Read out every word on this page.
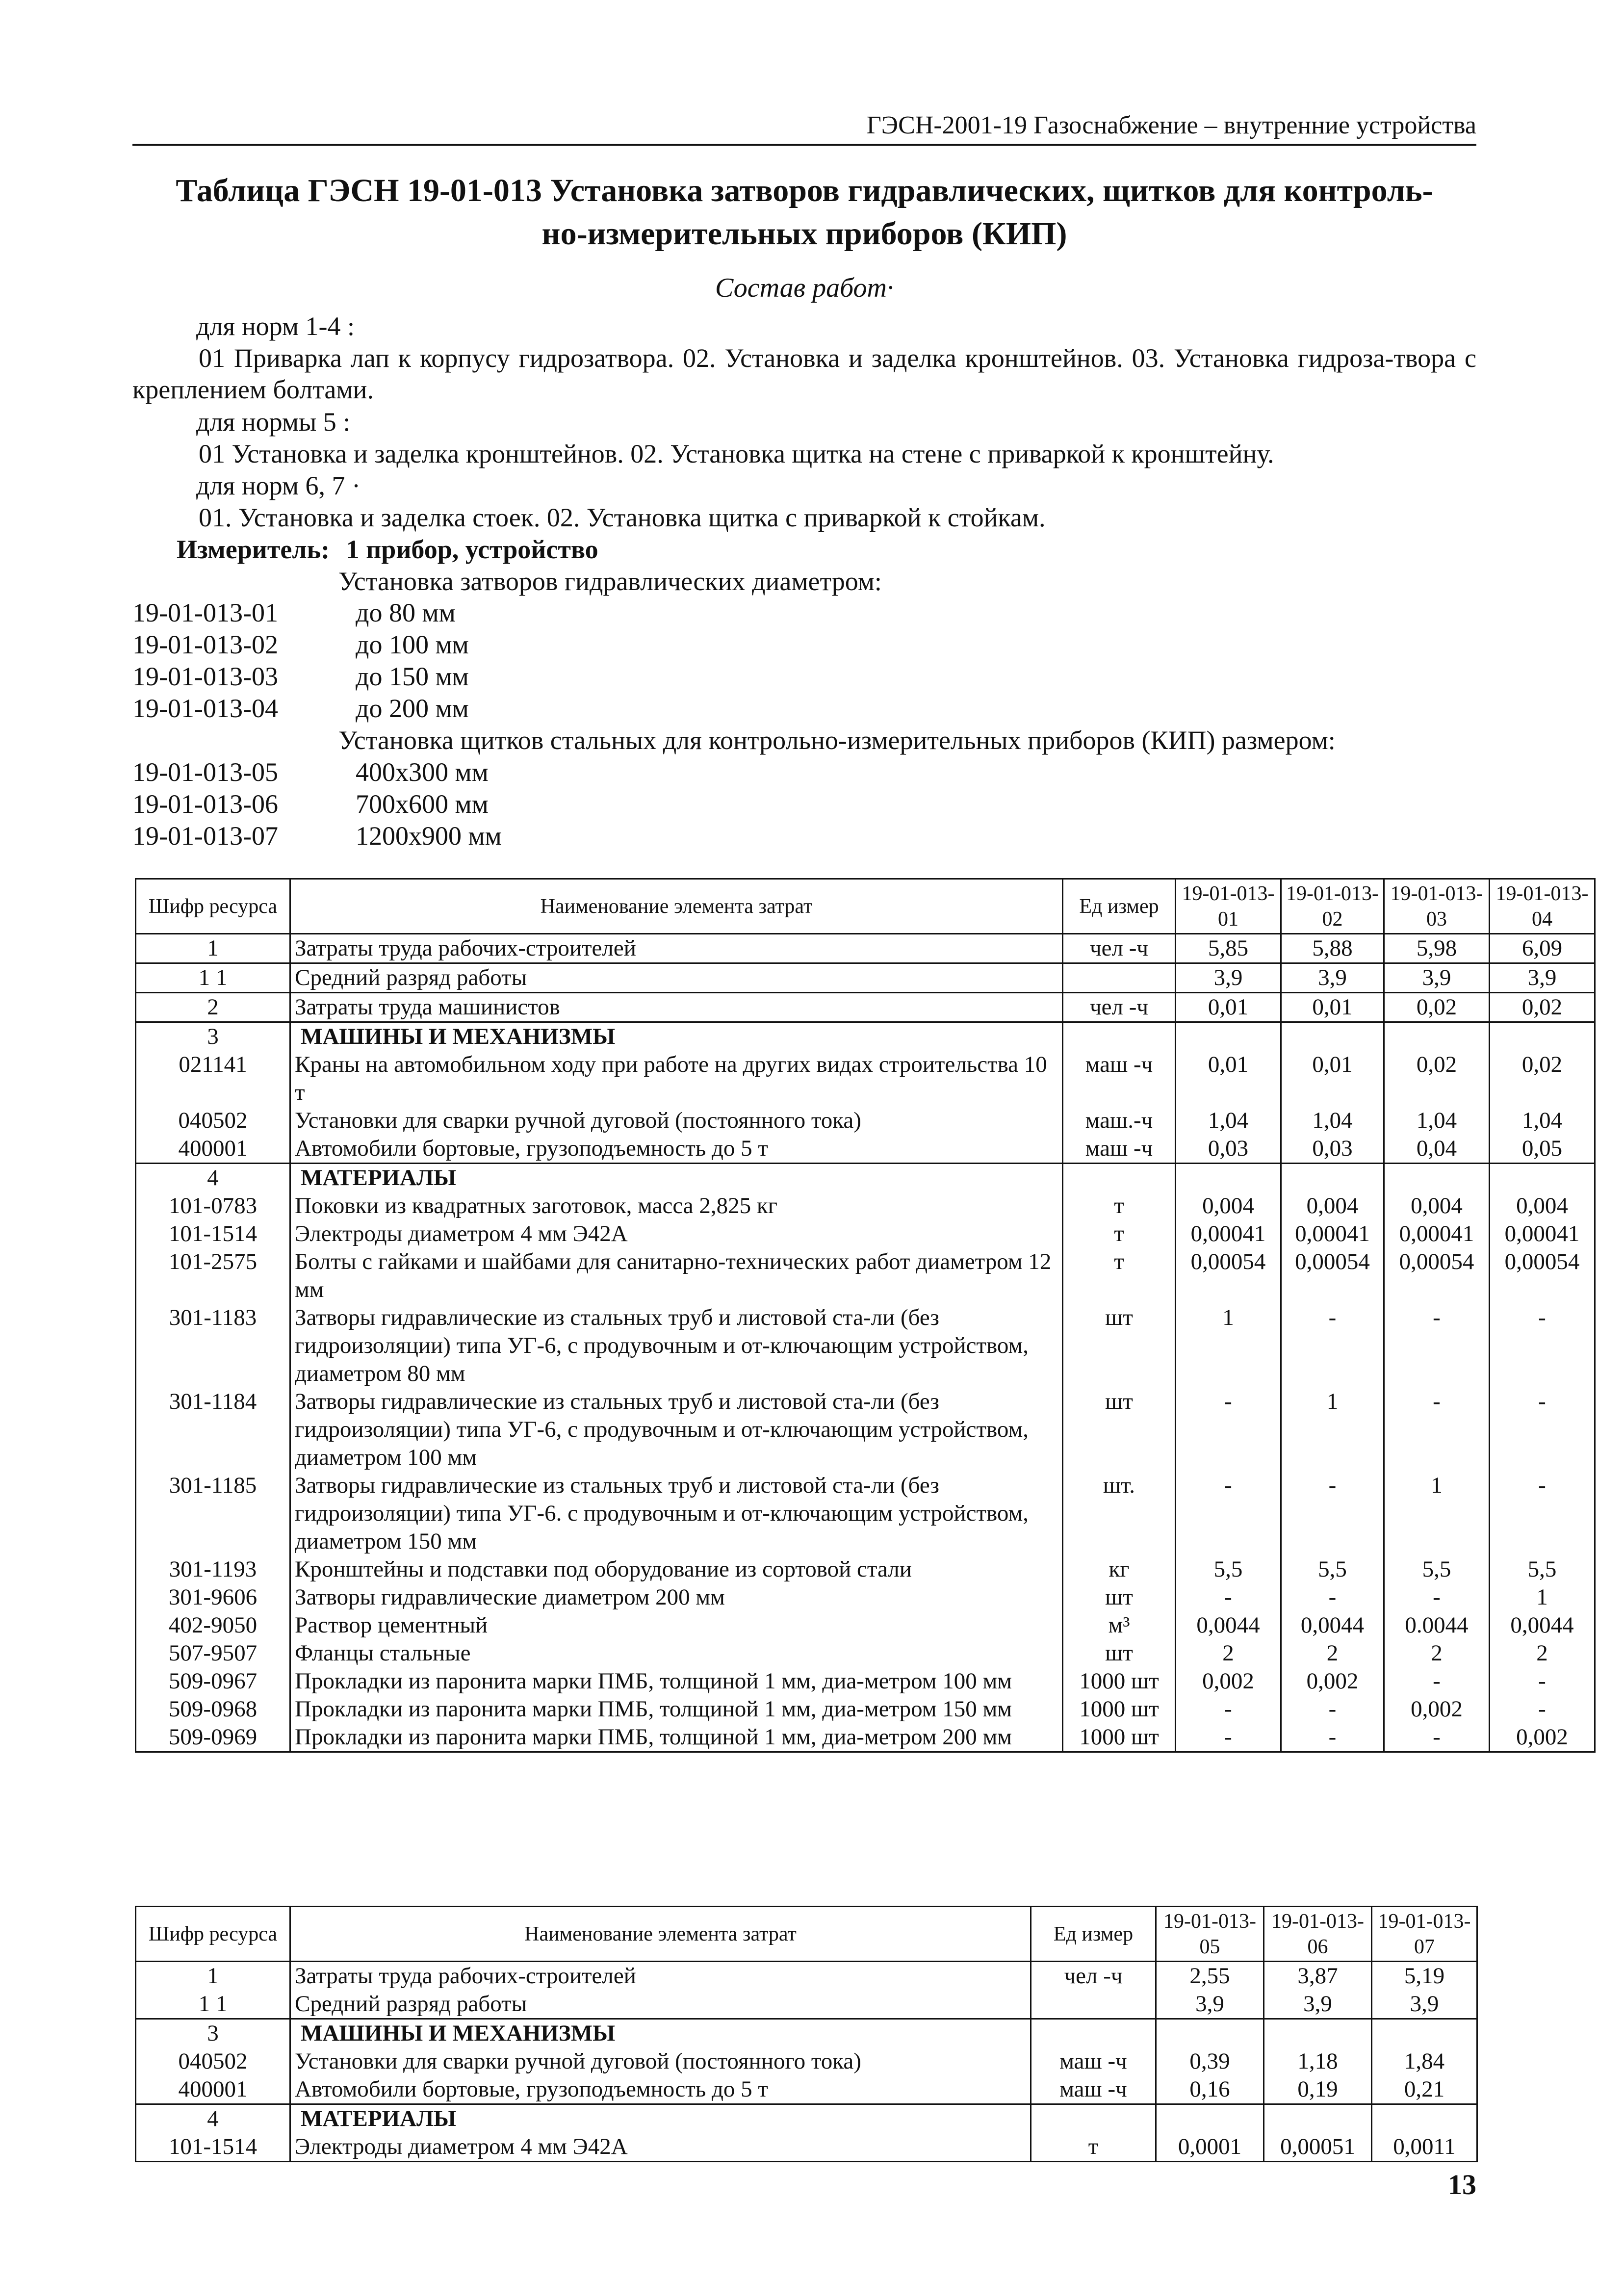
ГЭСН-2001-19 Газоснабжение – внутренние устройства
Таблица ГЭСН 19-01-013 Установка затворов гидравлических, щитков для контроль-
но-измерительных приборов (КИП)
Состав работ·
для норм 1-4 :
01 Приварка лап к корпусу гидрозатвора. 02. Установка и заделка кронштейнов. 03. Установка гидроза-твора с креплением болтами.
для нормы 5 :
01 Установка и заделка кронштейнов. 02. Установка щитка на стене с приваркой к кронштейну.
для норм 6, 7 ·
01. Установка и заделка стоек. 02. Установка щитка с приваркой к стойкам.
Измеритель: 1 прибор, устройство
Установка затворов гидравлических диаметром:
19-01-013-01	до 80 мм
19-01-013-02	до 100 мм
19-01-013-03	до 150 мм
19-01-013-04	до 200 мм
Установка щитков стальных для контрольно-измерительных приборов (КИП) размером:
19-01-013-05	400x300 мм
19-01-013-06	700x600 мм
19-01-013-07	1200x900 мм
Шифр ресурса	Наименование элемента затрат	Ед измер	19-01-013-01	19-01-013-02	19-01-013-03	19-01-013-04
1	Затраты труда рабочих-строителей	чел -ч	5,85	5,88	5,98	6,09
1 1	Средний разряд работы		3,9	3,9	3,9	3,9
2	Затраты труда машинистов	чел -ч	0,01	0,01	0,02	0,02
3	МАШИНЫ И МЕХАНИЗМЫ					
021141	Краны на автомобильном ходу при работе на других видах строительства 10 т	маш -ч	0,01	0,01	0,02	0,02
040502	Установки для сварки ручной дуговой (постоянного тока)	маш.-ч	1,04	1,04	1,04	1,04
400001	Автомобили бортовые, грузоподъемность до 5 т	маш -ч	0,03	0,03	0,04	0,05
4	МАТЕРИАЛЫ					
101-0783	Поковки из квадратных заготовок, масса 2,825 кг	т	0,004	0,004	0,004	0,004
101-1514	Электроды диаметром 4 мм Э42А	т	0,00041	0,00041	0,00041	0,00041
101-2575	Болты с гайками и шайбами для санитарно-технических работ диаметром 12 мм	т	0,00054	0,00054	0,00054	0,00054
301-1183	Затворы гидравлические из стальных труб и листовой ста-ли (без гидроизоляции) типа УГ-6, с продувочным и от-ключающим устройством, диаметром 80 мм	шт	1	-	-	-
301-1184	Затворы гидравлические из стальных труб и листовой ста-ли (без гидроизоляции) типа УГ-6, с продувочным и от-ключающим устройством, диаметром 100 мм	шт	-	1	-	-
301-1185	Затворы гидравлические из стальных труб и листовой ста-ли (без гидроизоляции) типа УГ-6. с продувочным и от-ключающим устройством, диаметром 150 мм	шт.	-	-	1	-
301-1193	Кронштейны и подставки под оборудование из сортовой стали	кг	5,5	5,5	5,5	5,5
301-9606	Затворы гидравлические диаметром 200 мм	шт	-	-	-	1
402-9050	Раствор цементный	м³	0,0044	0,0044	0.0044	0,0044
507-9507	Фланцы стальные	шт	2	2	2	2
509-0967	Прокладки из паронита марки ПМБ, толщиной 1 мм, диа-метром 100 мм	1000 шт	0,002	0,002	-	-
509-0968	Прокладки из паронита марки ПМБ, толщиной 1 мм, диа-метром 150 мм	1000 шт	-	-	0,002	-
509-0969	Прокладки из паронита марки ПМБ, толщиной 1 мм, диа-метром 200 мм	1000 шт	-	-	-	0,002
Шифр ресурса	Наименование элемента затрат	Ед измер	19-01-013-05	19-01-013-06	19-01-013-07
1	Затраты труда рабочих-строителей	чел -ч	2,55	3,87	5,19
1 1	Средний разряд работы		3,9	3,9	3,9
3	МАШИНЫ И МЕХАНИЗМЫ				
040502	Установки для сварки ручной дуговой (постоянного тока)	маш -ч	0,39	1,18	1,84
400001	Автомобили бортовые, грузоподъемность до 5 т	маш -ч	0,16	0,19	0,21
4	МАТЕРИАЛЫ				
101-1514	Электроды диаметром 4 мм Э42А	т	0,0001	0,00051	0,0011
13
